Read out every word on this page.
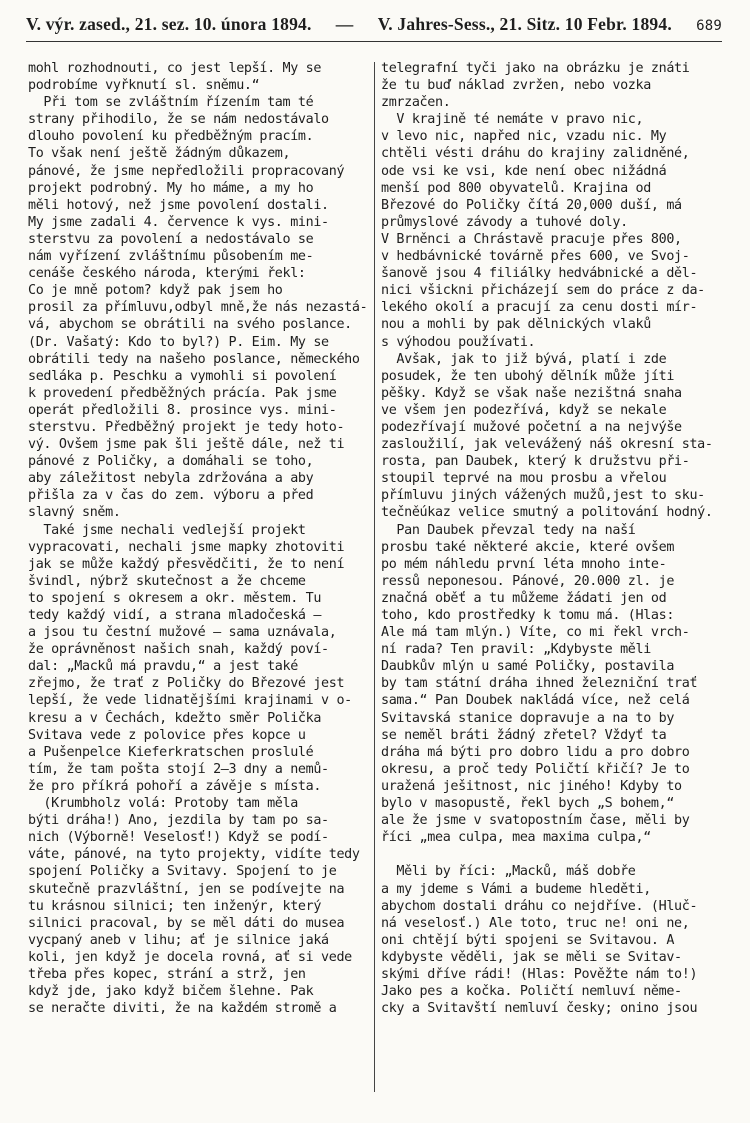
V. výr. zased., 21. sez. 10. února 1894. — V. Jahres-Sess., 21. Sitz. 10 Febr. 1894. 689
mohl rozhodnouti, co jest lepší. My se
podrobíme vyřknutí sl. sněmu.“
Při tom se zvláštním řízením tam té
strany přihodilo, že se nám nedostávalo
dlouho povolení ku předběžným pracím.
To však není ještě žádným důkazem,
pánové, že jsme nepředložili propracovaný
projekt podrobný. My ho máme, a my ho
měli hotový, než jsme povolení dostali.
My jsme zadali 4. července k vys. mini-
sterstvu za povolení a nedostávalo se
nám vyřízení zvláštnímu působením me-
cenáše českého národa, kterými řekl:
Co je mně potom? když pak jsem ho
prosil za přímluvu,odbyl mně,že nás nezastá-
vá, abychom se obrátili na svého poslance.
(Dr. Vašatý: Kdo to byl?) P. Eim. My se
obrátili tedy na našeho poslance, německého
sedláka p. Peschku a vymohli si povolení
k provedení předběžných prácía. Pak jsme
operát předložili 8. prosince vys. mini-
sterstvu. Předběžný projekt je tedy hoto-
vý. Ovšem jsme pak šli ještě dále, než ti
pánové z Poličky, a domáhali se toho,
aby záležitost nebyla zdržována a aby
přišla za v čas do zem. výboru a před
slavný sněm.
Také jsme nechali vedlejší projekt
vypracovati, nechali jsme mapky zhotoviti
jak se může každý přesvědčiti, že to není
švindl, nýbrž skutečnost a že chceme
to spojení s okresem a okr. městem. Tu
tedy každý vidí, a strana mladočeská —
a jsou tu čestní mužové — sama uznávala,
že oprávněnost našich snah, každý poví-
dal: „Macků má pravdu,“ a jest také
zřejmo, že trať z Poličky do Březové jest
lepší, že vede lidnatějšími krajinami v o-
kresu a v Čechách, kdežto směr Polička
Svitava vede z polovice přes kopce u
a Pušenpelce Kieferkratschen proslulé
tím, že tam pošta stojí 2—3 dny a nemů-
že pro příkrá pohoří a závěje s místa.
(Krumbholz volá: Protoby tam měla
býti dráha!) Ano, jezdila by tam po sa-
nich (Výborně! Veselosť!) Když se podí-
váte, pánové, na tyto projekty, vidíte tedy
spojení Poličky a Svitavy. Spojení to je
skutečně prazvláštní, jen se podívejte na
tu krásnou silnici; ten inženýr, který
silnici pracoval, by se měl dáti do musea
vycpaný aneb v lihu; ať je silnice jaká
koli, jen když je docela rovná, ať si vede
třeba přes kopec, strání a strž, jen
když jde, jako když bičem šlehne. Pak
se neračte diviti, že na každém stromě a
telegrafní tyči jako na obrázku je znáti
že tu buď náklad zvržen, nebo vozka
zmrzačen.
V krajině té nemáte v pravo nic,
v levo nic, napřed nic, vzadu nic. My
chtěli vésti dráhu do krajiny zalidněné,
ode vsi ke vsi, kde není obec nižádná
menší pod 800 obyvatelů. Krajina od
Březové do Poličky čítá 20,000 duší, má
průmyslové závody a tuhové doly.
V Brněnci a Chrástavě pracuje přes 800,
v hedbávnické továrně přes 600, ve Svoj-
šanově jsou 4 filiálky hedvábnické a děl-
nici všickni přicházejí sem do práce z da-
lekého okolí a pracují za cenu dosti mír-
nou a mohli by pak dělnických vlaků
s výhodou používati.
Avšak, jak to již bývá, platí i zde
posudek, že ten ubohý dělník může jíti
pěšky. Když se však naše nezištná snaha
ve všem jen podezřívá, když se nekale
podezřívají mužové početní a na nejvýše
zasloužilí, jak velevážený náš okresní sta-
rosta, pan Daubek, který k družstvu při-
stoupil teprvé na mou prosbu a vřelou
přímluvu jiných vážených mužů,jest to sku-
tečněúkaz velice smutný a politování hodný.
Pan Daubek převzal tedy na naší
prosbu také některé akcie, které ovšem
po mém náhledu první léta mnoho inte-
ressů neponesou. Pánové, 20.000 zl. je
značná oběť a tu můžeme žádati jen od
toho, kdo prostředky k tomu má. (Hlas:
Ale má tam mlýn.) Víte, co mi řekl vrch-
ní rada? Ten pravil: „Kdybyste měli
Daubkův mlýn u samé Poličky, postavila
by tam státní dráha ihned železniční trať
sama.“ Pan Doubek nakládá více, než celá
Svitavská stanice dopravuje a na to by
se neměl bráti žádný zřetel? Vždyť ta
dráha má býti pro dobro lidu a pro dobro
okresu, a proč tedy Poličtí křičí? Je to
uražená ješitnost, nic jiného! Kdyby to
bylo v masopustě, řekl bych „S bohem,“
ale že jsme v svatopostním čase, měli by
říci „mea culpa, mea maxima culpa,“
Měli by říci: „Macků, máš dobře
a my jdeme s Vámi a budeme hleděti,
abychom dostali dráhu co nejdříve. (Hluč-
ná veselosť.) Ale toto, truc ne! oni ne,
oni chtějí býti spojeni se Svitavou. A
kdybyste věděli, jak se měli se Svitav-
skými dříve rádi! (Hlas: Pověžte nám to!)
Jako pes a kočka. Poličtí nemluví něme-
cky a Svitavští nemluví česky; onino jsou
